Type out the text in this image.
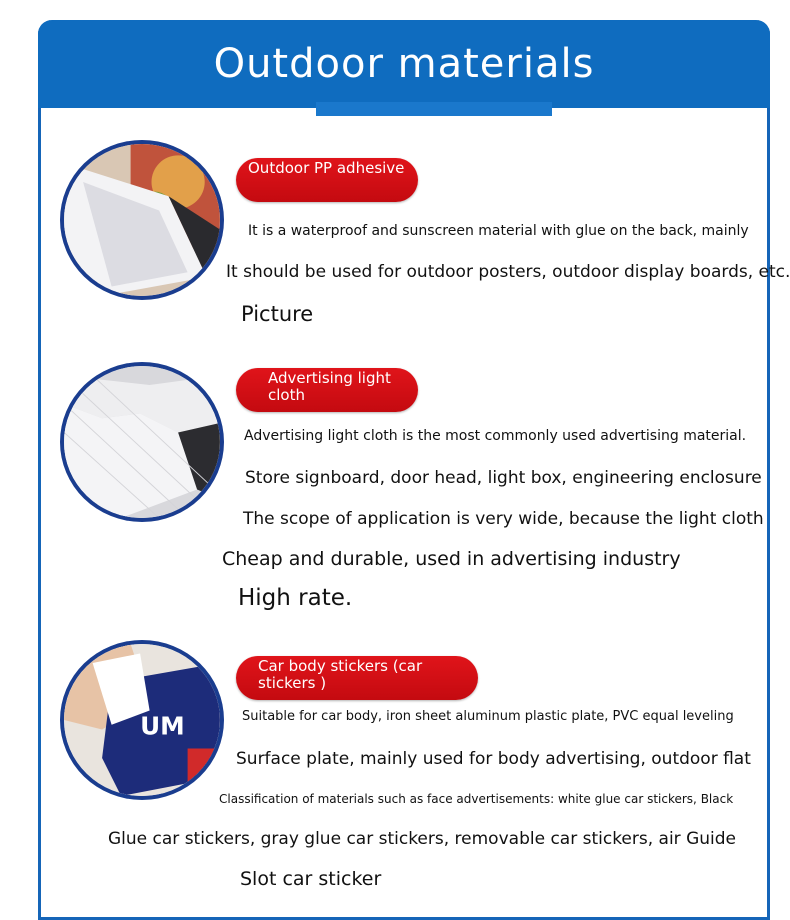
Outdoor materials
Outdoor PP adhesive
It is a waterproof and sunscreen material with glue on the back, mainly
It should be used for outdoor posters, outdoor display boards, etc.
Picture
Advertising light cloth
Advertising light cloth is the most commonly used advertising material.
Store signboard, door head, light box, engineering enclosure
The scope of application is very wide, because the light cloth
Cheap and durable, used in advertising industry
High rate.
UM
Car body stickers (car stickers )
Suitable for car body, iron sheet aluminum plastic plate, PVC equal leveling
Surface plate, mainly used for body advertising, outdoor flat
Classification of materials such as face advertisements: white glue car stickers, Black
Glue car stickers, gray glue car stickers, removable car stickers, air Guide
Slot car sticker
